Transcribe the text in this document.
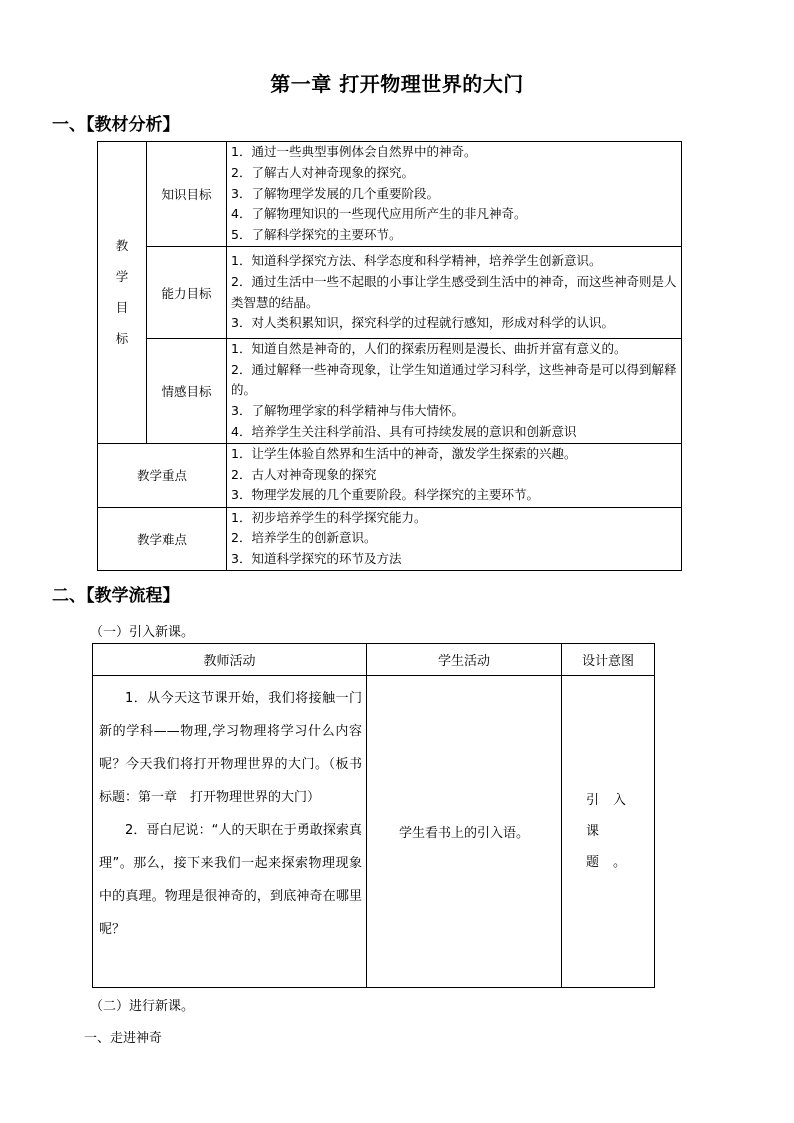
第一章 打开物理世界的大门
一、【教材分析】
教
学
目
标	知识目标	1．通过一些典型事例体会自然界中的神奇。
2．了解古人对神奇现象的探究。
3．了解物理学发展的几个重要阶段。
4．了解物理知识的一些现代应用所产生的非凡神奇。
5．了解科学探究的主要环节。

	能力目标	1．知道科学探究方法、科学态度和科学精神，培养学生创新意识。
2．通过生活中一些不起眼的小事让学生感受到生活中的神奇，而这些神奇则是人类智慧的结晶。
3．对人类积累知识，探究科学的过程就行感知，形成对科学的认识。

	情感目标	1．知道自然是神奇的，人们的探索历程则是漫长、曲折并富有意义的。
2．通过解释一些神奇现象，让学生知道通过学习科学，这些神奇是可以得到解释的。
3．了解物理学家的科学精神与伟大情怀。
4．培养学生关注科学前沿、具有可持续发展的意识和创新意识

教学重点		1．让学生体验自然界和生活中的神奇，激发学生探索的兴趣。
2．古人对神奇现象的探究
3．物理学发展的几个重要阶段。科学探究的主要环节。

教学难点		1．初步培养学生的科学探究能力。
2．培养学生的创新意识。
3．知道科学探究的环节及方法
二、【教学流程】
（一）引入新课。
教师活动	学生活动	设计意图

1．从今天这节课开始，我们将接触一门新的学科——物理,学习物理将学习什么内容呢？今天我们将打开物理世界的大门。（板书标题：第一章　打开物理世界的大门）

2．哥白尼说：“人的天职在于勇敢探索真理”。那么，接下来我们一起来探索物理现象中的真理。物理是很神奇的，到底神奇在哪里呢？	学生看书上的引入语。	引入课题。
（二）进行新课。
一、走进神奇
